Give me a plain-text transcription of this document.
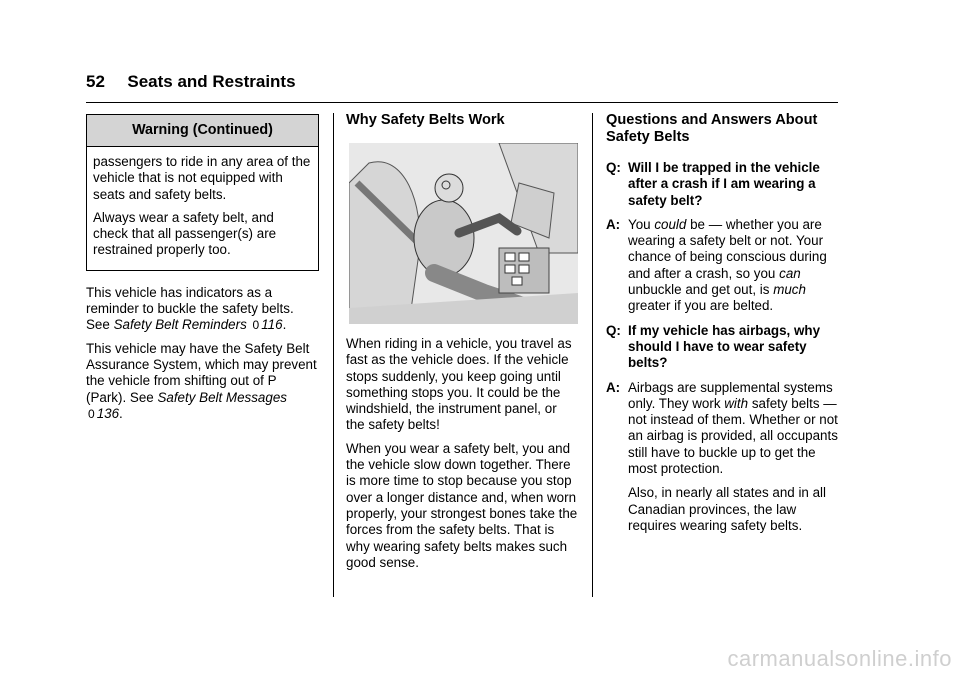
52 Seats and Restraints
Warning (Continued)

passengers to ride in any area of the vehicle that is not equipped with seats and safety belts.

Always wear a safety belt, and check that all passenger(s) are restrained properly too.

This vehicle has indicators as a reminder to buckle the safety belts. See Safety Belt Reminders 0 116.

This vehicle may have the Safety Belt Assurance System, which may prevent the vehicle from shifting out of P (Park). See Safety Belt Messages 0 136.

Why Safety Belts Work

When riding in a vehicle, you travel as fast as the vehicle does. If the vehicle stops suddenly, you keep going until something stops you. It could be the windshield, the instrument panel, or the safety belts!

When you wear a safety belt, you and the vehicle slow down together. There is more time to stop because you stop over a longer distance and, when worn properly, your strongest bones take the forces from the safety belts. That is why wearing safety belts makes such good sense.

Questions and Answers About Safety Belts
Q: Will I be trapped in the vehicle after a crash if I am wearing a safety belt?
A: You could be — whether you are wearing a safety belt or not. Your chance of being conscious during and after a crash, so you can unbuckle and get out, is much greater if you are belted.
Q: If my vehicle has airbags, why should I have to wear safety belts?
A: Airbags are supplemental systems only. They work with safety belts — not instead of them. Whether or not an airbag is provided, all occupants still have to buckle up to get the most protection.
Also, in nearly all states and in all Canadian provinces, the law requires wearing safety belts.
carmanualsonline.info
